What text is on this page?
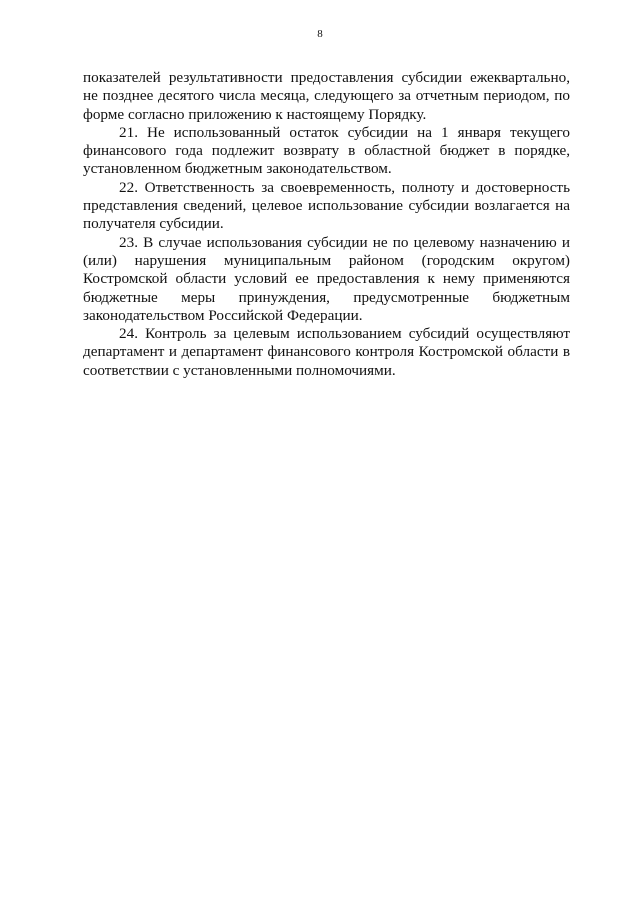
8

показателей результативности предоставления субсидии ежеквартально, не позднее десятого числа месяца, следующего за отчетным периодом, по форме согласно приложению к настоящему Порядку.

21. Не использованный остаток субсидии на 1 января текущего финансового года подлежит возврату в областной бюджет в порядке, установленном бюджетным законодательством.

22. Ответственность за своевременность, полноту и достоверность представления сведений, целевое использование субсидии возлагается на получателя субсидии.

23. В случае использования субсидии не по целевому назначению и (или) нарушения муниципальным районом (городским округом) Костромской области условий ее предоставления к нему применяются бюджетные меры принуждения, предусмотренные бюджетным законодательством Российской Федерации.

24. Контроль за целевым использованием субсидий осуществляют департамент и департамент финансового контроля Костромской области в соответствии с установленными полномочиями.
